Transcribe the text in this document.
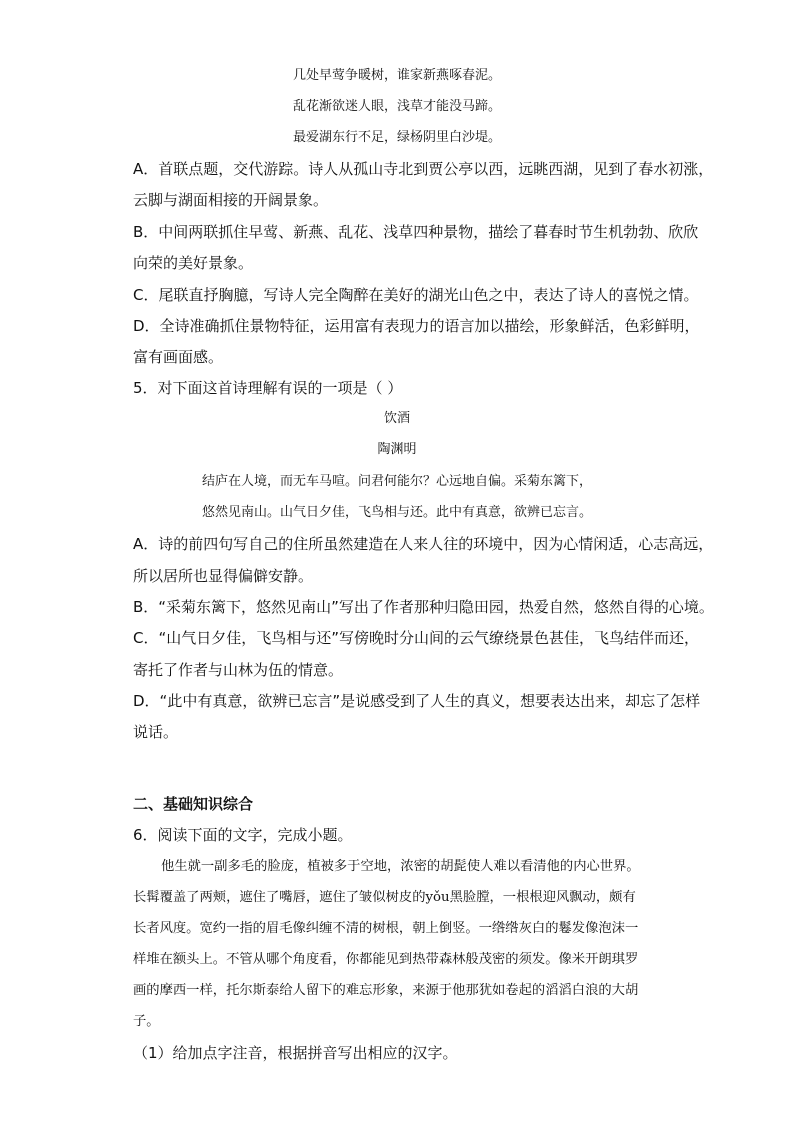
几处早莺争暖树，谁家新燕啄春泥。
乱花渐欲迷人眼，浅草才能没马蹄。
最爱湖东行不足，绿杨阴里白沙堤。
A．首联点题，交代游踪。诗人从孤山寺北到贾公亭以西，远眺西湖，见到了春水初涨，
云脚与湖面相接的开阔景象。
B．中间两联抓住早莺、新燕、乱花、浅草四种景物，描绘了暮春时节生机勃勃、欣欣
向荣的美好景象。
C．尾联直抒胸臆，写诗人完全陶醉在美好的湖光山色之中，表达了诗人的喜悦之情。
D．全诗准确抓住景物特征，运用富有表现力的语言加以描绘，形象鲜活，色彩鲜明，
富有画面感。
5．对下面这首诗理解有误的一项是（ ）
饮酒
陶渊明
结庐在人境，而无车马喧。问君何能尔？心远地自偏。采菊东篱下，
悠然见南山。山气日夕佳，飞鸟相与还。此中有真意，欲辨已忘言。
A．诗的前四句写自己的住所虽然建造在人来人往的环境中，因为心情闲适，心志高远，
所以居所也显得偏僻安静。
B．“采菊东篱下，悠然见南山”写出了作者那种归隐田园，热爱自然，悠然自得的心境。
C．“山气日夕佳，飞鸟相与还”写傍晚时分山间的云气缭绕景色甚佳，飞鸟结伴而还，
寄托了作者与山林为伍的情意。
D．“此中有真意，欲辨已忘言”是说感受到了人生的真义，想要表达出来，却忘了怎样
说话。
二、基础知识综合
6．阅读下面的文字，完成小题。
他生就一副多毛的脸庞，植被多于空地，浓密的胡髭使人难以看清他的内心世界。
长髯覆盖了两颊，遮住了嘴唇，遮住了皱似树皮的yǒu黑脸膛，一根根迎风飘动，颇有
长者风度。宽约一指的眉毛像纠缠不清的树根，朝上倒竖。一绺绺灰白的鬈发像泡沫一
样堆在额头上。不管从哪个角度看，你都能见到热带森林般茂密的须发。像米开朗琪罗
画的摩西一样，托尔斯泰给人留下的难忘形象，来源于他那犹如卷起的滔滔白浪的大胡
子。
（1）给加点字注音，根据拼音写出相应的汉字。
